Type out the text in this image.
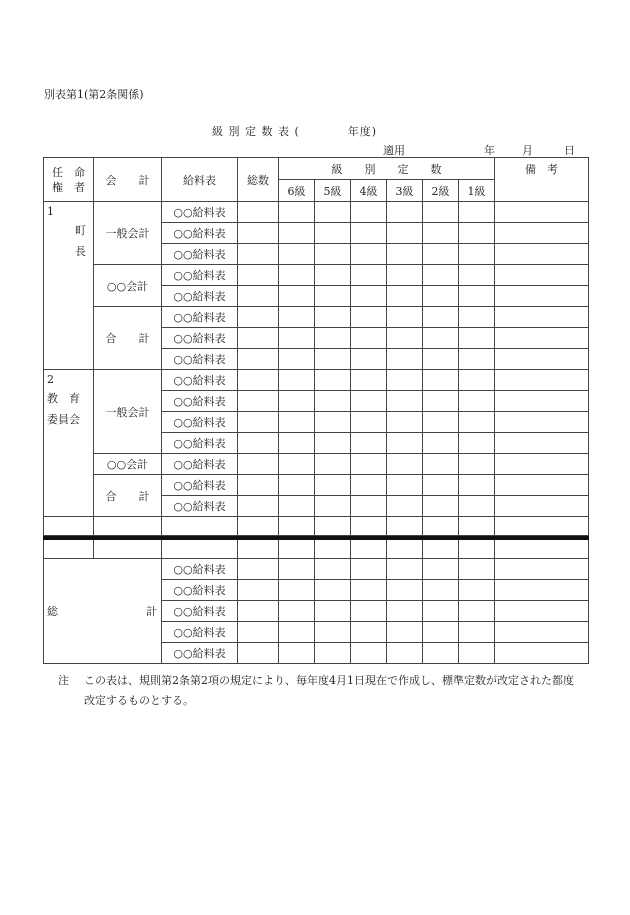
別表第1(第2条関係)
級 別 定 数 表 (　　　　年度)
適用	年 月	日
任　命
権　者	会　　計	給料表	総数	級　　別　　定　　数						備　考
				6級	5級	4級	3級	2級	1級	

1
町
長	一般会計	○○給料表								
		○○給料表								
		○○給料表								
	○○会計	○○給料表								
		○○給料表								
	合　　計	○○給料表								
		○○給料表								
		○○給料表								

2
教　育
委員会	一般会計	○○給料表								
		○○給料表								
		○○給料表								
		○○給料表								
	○○会計	○○給料表								
	合　　計	○○給料表								
		○○給料表								

総　　　　　　　　計		○○給料表								
		○○給料表								
		○○給料表								
		○○給料表								
		○○給料表								
注 この表は、規則第2条第2項の規定により、毎年度4月1日現在で作成し、標準定数が改定された都度改定するものとする。
